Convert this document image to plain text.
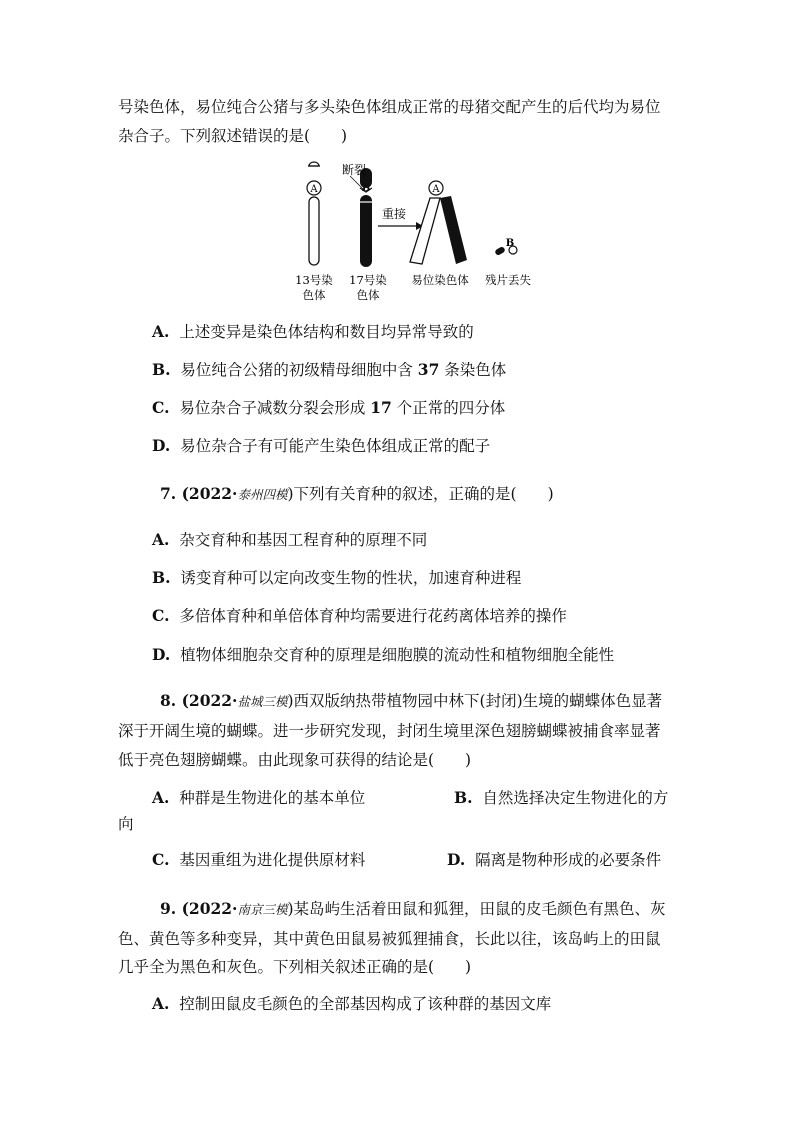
号染色体，易位纯合公猪与多头染色体组成正常的母猪交配产生的后代均为易位
杂合子。下列叙述错误的是(　　)
A	B
断裂
重接
A
B
13号染
色体
17号染
色体
易位染色体 残片丢失
A. 上述变异是染色体结构和数目均异常导致的
B. 易位纯合公猪的初级精母细胞中含 37 条染色体
C. 易位杂合子减数分裂会形成 17 个正常的四分体
D. 易位杂合子有可能产生染色体组成正常的配子
7. (2022·泰州四模)下列有关育种的叙述，正确的是(　　)
A. 杂交育种和基因工程育种的原理不同
B. 诱变育种可以定向改变生物的性状，加速育种进程
C. 多倍体育种和单倍体育种均需要进行花药离体培养的操作
D. 植物体细胞杂交育种的原理是细胞膜的流动性和植物细胞全能性
8. (2022·盐城三模)西双版纳热带植物园中林下(封闭)生境的蝴蝶体色显著
深于开阔生境的蝴蝶。进一步研究发现，封闭生境里深色翅膀蝴蝶被捕食率显著
低于亮色翅膀蝴蝶。由此现象可获得的结论是(　　)
A. 种群是生物进化的基本单位	B. 自然选择决定生物进化的方
向
C. 基因重组为进化提供原材料	D. 隔离是物种形成的必要条件
9. (2022·南京三模)某岛屿生活着田鼠和狐狸，田鼠的皮毛颜色有黑色、灰
色、黄色等多种变异，其中黄色田鼠易被狐狸捕食，长此以往，该岛屿上的田鼠
几乎全为黑色和灰色。下列相关叙述正确的是(　　)
A. 控制田鼠皮毛颜色的全部基因构成了该种群的基因文库
